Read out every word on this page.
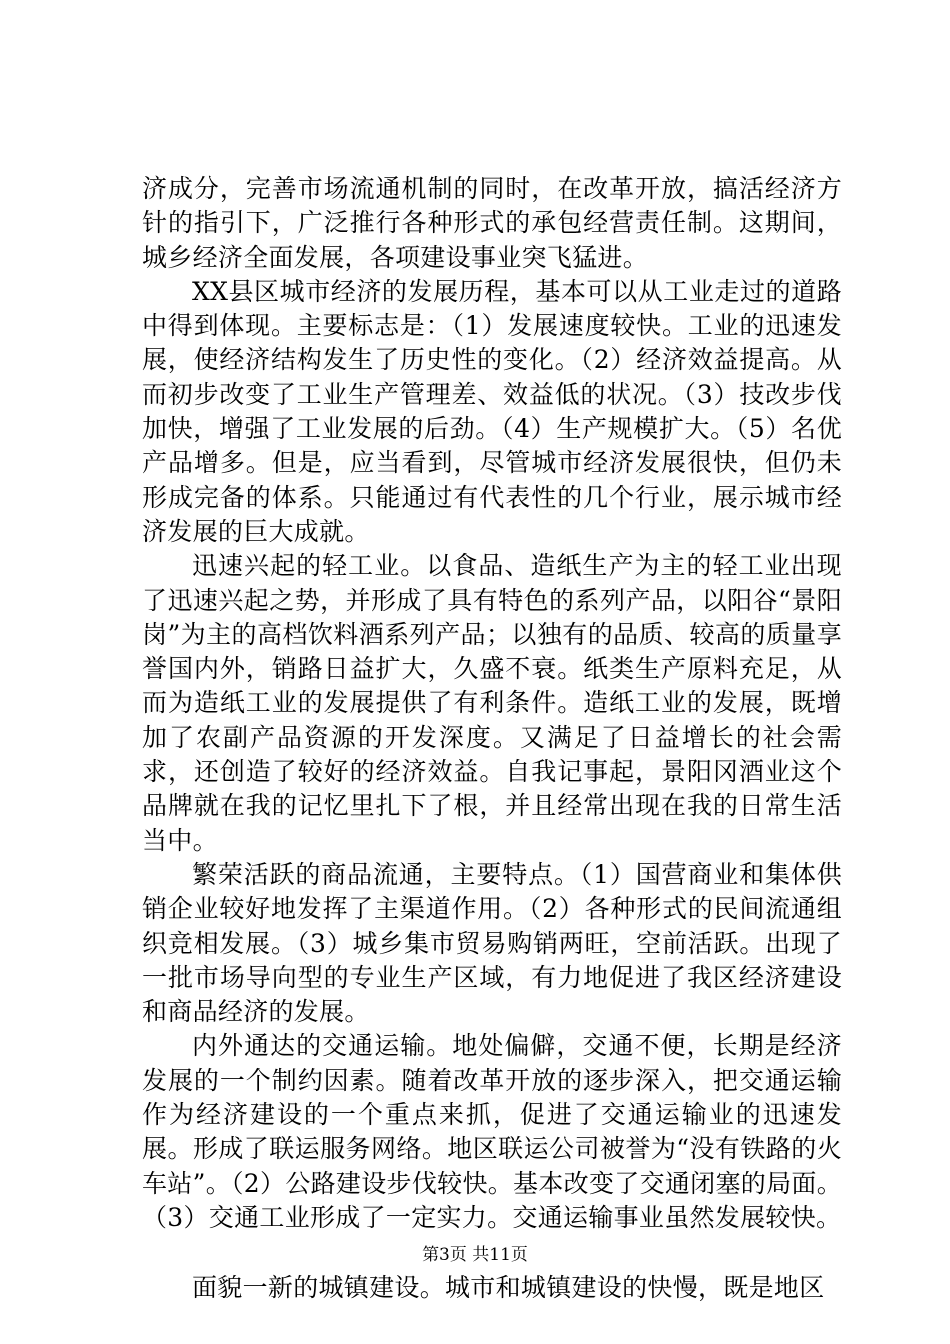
济成分，完善市场流通机制的同时，在改革开放，搞活经济方针的指引下，广泛推行各种形式的承包经营责任制。这期间，城乡经济全面发展，各项建设事业突飞猛进。

XX县区城市经济的发展历程，基本可以从工业走过的道路中得到体现。主要标志是：（1）发展速度较快。工业的迅速发展，使经济结构发生了历史性的变化。（2）经济效益提高。从而初步改变了工业生产管理差、效益低的状况。（3）技改步伐加快，增强了工业发展的后劲。（4）生产规模扩大。（5）名优产品增多。但是，应当看到，尽管城市经济发展很快，但仍未形成完备的体系。只能通过有代表性的几个行业，展示城市经济发展的巨大成就。

迅速兴起的轻工业。以食品、造纸生产为主的轻工业出现了迅速兴起之势，并形成了具有特色的系列产品，以阳谷“景阳岗”为主的高档饮料酒系列产品；以独有的品质、较高的质量享誉国内外，销路日益扩大，久盛不衰。纸类生产原料充足，从而为造纸工业的发展提供了有利条件。造纸工业的发展，既增加了农副产品资源的开发深度。又满足了日益增长的社会需求，还创造了较好的经济效益。自我记事起，景阳冈酒业这个品牌就在我的记忆里扎下了根，并且经常出现在我的日常生活当中。

繁荣活跃的商品流通，主要特点。（1）国营商业和集体供销企业较好地发挥了主渠道作用。（2）各种形式的民间流通组织竞相发展。（3）城乡集市贸易购销两旺，空前活跃。出现了一批市场导向型的专业生产区域，有力地促进了我区经济建设和商品经济的发展。

内外通达的交通运输。地处偏僻，交通不便，长期是经济发展的一个制约因素。随着改革开放的逐步深入，把交通运输作为经济建设的一个重点来抓，促进了交通运输业的迅速发展。形成了联运服务网络。地区联运公司被誉为“没有铁路的火车站”。（2）公路建设步伐较快。基本改变了交通闭塞的局面。（3）交通工业形成了一定实力。交通运输事业虽然发展较快。

面貌一新的城镇建设。城市和城镇建设的快慢，既是地区

第3页 共11页
